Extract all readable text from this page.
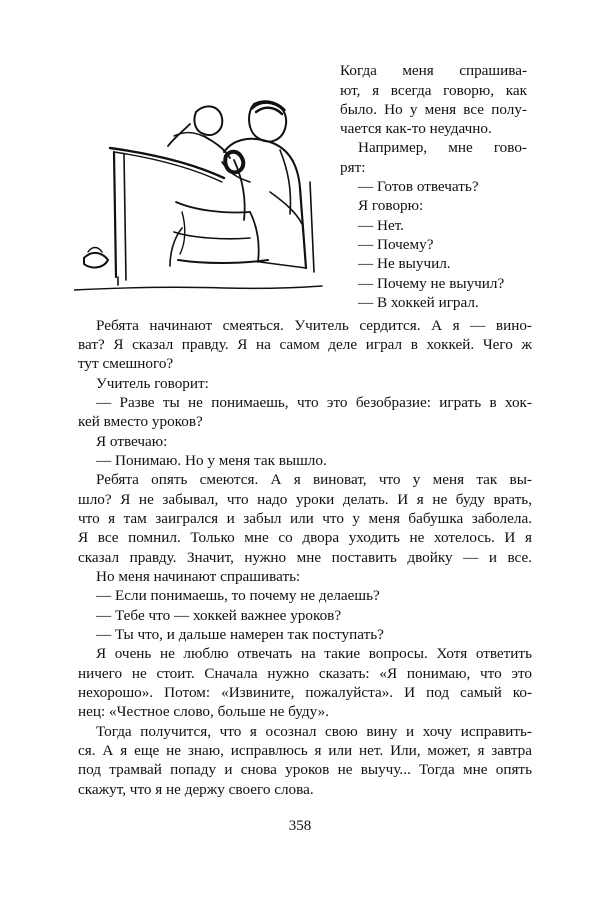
Когда меня спрашива-
ют, я всегда говорю, как
было. Но у меня все полу-
чается как-то неудачно.
Например, мне гово-
рят:
— Готов отвечать?
Я говорю:
— Нет.
— Почему?
— Не выучил.
— Почему не выучил?
— В хоккей играл.
Ребята начинают смеяться. Учитель сердится. А я — вино-
ват? Я сказал правду. Я на самом деле играл в хоккей. Чего ж
тут смешного?
Учитель говорит:
— Разве ты не понимаешь, что это безобразие: играть в хок-
кей вместо уроков?
Я отвечаю:
— Понимаю. Но у меня так вышло.
Ребята опять смеются. А я виноват, что у меня так вы-
шло? Я не забывал, что надо уроки делать. И я не буду врать,
что я там заигрался и забыл или что у меня бабушка заболела.
Я все помнил. Только мне со двора уходить не хотелось. И я
сказал правду. Значит, нужно мне поставить двойку — и все.
Но меня начинают спрашивать:
— Если понимаешь, то почему не делаешь?
— Тебе что — хоккей важнее уроков?
— Ты что, и дальше намерен так поступать?
Я очень не люблю отвечать на такие вопросы. Хотя ответить
ничего не стоит. Сначала нужно сказать: «Я понимаю, что это
нехорошо». Потом: «Извините, пожалуйста». И под самый ко-
нец: «Честное слово, больше не буду».
Тогда получится, что я осознал свою вину и хочу исправить-
ся. А я еще не знаю, исправлюсь я или нет. Или, может, я завтра
под трамвай попаду и снова уроков не выучу... Тогда мне опять
скажут, что я не держу своего слова.
358
